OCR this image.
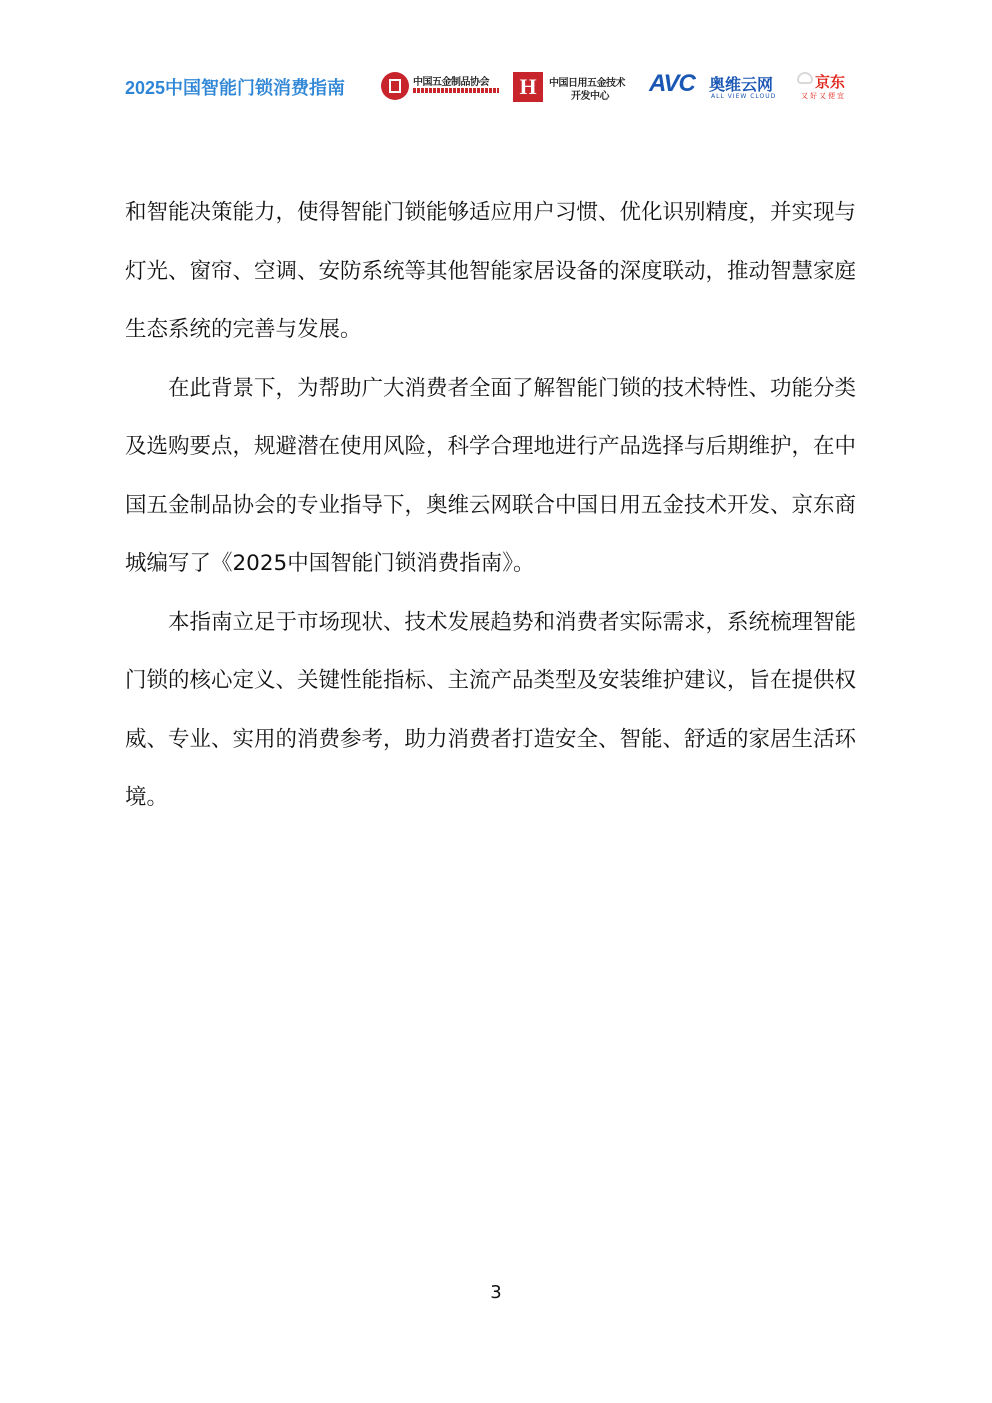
2025中国智能门锁消费指南	中国五金制品协会 H	中国日用五金技术
开发中心 AVC 奥维云网
ALL VIEW CLOUD
京东
又好又便宜

和智能决策能力，使得智能门锁能够适应用户习惯、优化识别精度，并实现与灯光、窗帘、空调、安防系统等其他智能家居设备的深度联动，推动智慧家庭生态系统的完善与发展。

在此背景下，为帮助广大消费者全面了解智能门锁的技术特性、功能分类及选购要点，规避潜在使用风险，科学合理地进行产品选择与后期维护，在中国五金制品协会的专业指导下，奥维云网联合中国日用五金技术开发、京东商城编写了《2025中国智能门锁消费指南》。

本指南立足于市场现状、技术发展趋势和消费者实际需求，系统梳理智能门锁的核心定义、关键性能指标、主流产品类型及安装维护建议，旨在提供权威、专业、实用的消费参考，助力消费者打造安全、智能、舒适的家居生活环境。

3
